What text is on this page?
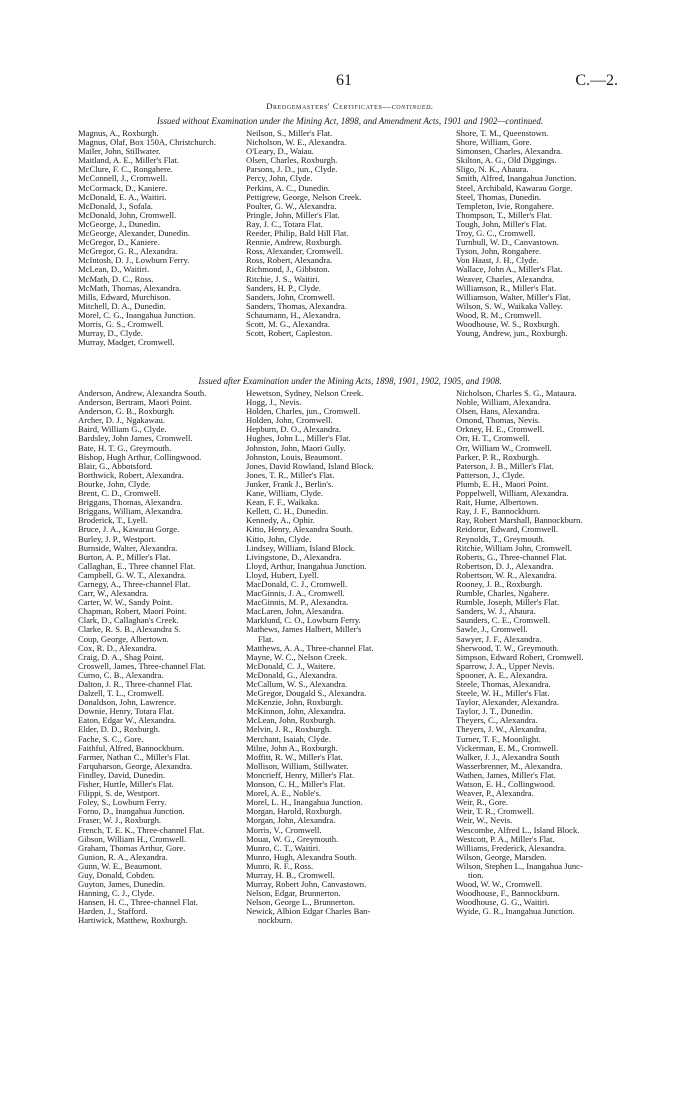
61	C.—2.
Dredgemasters' Certificates—continued.
Issued without Examination under the Mining Act, 1898, and Amendment Acts, 1901 and 1902—continued.
Magnus, A., Roxburgh.
Magnus, Olaf, Box 150A, Christchurch.
Mailer, John, Stillwater.
Maitland, A. E., Miller's Flat.
McClure, F. C., Rongahere.
McConnell, J., Cromwell.
McCormack, D., Kaniere.
McDonald, E. A., Waitiri.
McDonald, J., Sofala.
McDonald, John, Cromwell.
McGeorge, J., Dunedin.
McGeorge, Alexander, Dunedin.
McGregor, D., Kaniere.
McGregor, G. R., Alexandra.
McIntosh, D. J., Lowburn Ferry.
McLean, D., Waitiri.
McMath, D. C., Ross.
McMath, Thomas, Alexandra.
Mills, Edward, Murchison.
Mitchell, D. A., Dunedin.
Morel, C. G., Inangahua Junction.
Morris, G. S., Cromwell.
Murray, D., Clyde.
Murray, Madget, Cromwell.
Neilson, S., Miller's Flat.
Nicholson, W. E., Alexandra.
O'Leary, D., Waiau.
Olsen, Charles, Roxburgh.
Parsons, J. D., jun., Clyde.
Percy, John, Clyde.
Perkins, A. C., Dunedin.
Pettigrew, George, Nelson Creek.
Poulter, G. W., Alexandra.
Pringle, John, Miller's Flat.
Ray, J. C., Totara Flat.
Reeder, Philip, Bald Hill Flat.
Rennie, Andrew, Roxburgh.
Ross, Alexander, Cromwell.
Ross, Robert, Alexandra.
Richmond, J., Gibbston.
Ritchie, J. S., Waitiri.
Sanders, H. P., Clyde.
Sanders, John, Cromwell.
Sanders, Thomas, Alexandra.
Schaumann, H., Alexandra.
Scott, M. G., Alexandra.
Scott, Robert, Capleston.
Shore, T. M., Queenstown.
Shore, William, Gore.
Simonsen, Charles, Alexandra.
Skilton, A. G., Old Diggings.
Sligo, N. K., Ahaura.
Smith, Alfred, Inangahua Junction.
Steel, Archibald, Kawarau Gorge.
Steel, Thomas, Dunedin.
Templeton, Ivie, Rongahere.
Thompson, T., Miller's Flat.
Tough, John, Miller's Flat.
Troy, G. C., Cromwell.
Turnbull, W. D., Canvastown.
Tyson, John, Rongahere.
Von Haast, J. H., Clyde.
Wallace, John A., Miller's Flat.
Weaver, Charles, Alexandra.
Williamson, R., Miller's Flat.
Williamson, Walter, Miller's Flat.
Wilson, S. W., Waikaka Valley.
Wood, R. M., Cromwell.
Woodhouse, W. S., Roxburgh.
Young, Andrew, jun., Roxburgh.
Issued after Examination under the Mining Acts, 1898, 1901, 1902, 1905, and 1908.
Anderson, Andrew, Alexandra South.
Anderson, Bertram, Maori Point.
Anderson, G. B., Roxburgh.
Archer, D. J., Ngakawau.
Baird, William G., Clyde.
Bardsley, John James, Cromwell.
Bate, H. T. G., Greymouth.
Bishop, Hugh Arthur, Collingwood.
Blair, G., Abbotsford.
Borthwick, Robert, Alexandra.
Bourke, John, Clyde.
Brent, C. D., Cromwell.
Briggans, Thomas, Alexandra.
Briggans, William, Alexandra.
Broderick, T., Lyell.
Bruce, J. A., Kawarau Gorge.
Burley, J. P., Westport.
Burnside, Walter, Alexandra.
Burton, A. P., Miller's Flat.
Callaghan, E., Three channel Flat.
Campbell, G. W. T., Alexandra.
Carnegy, A., Three-channel Flat.
Carr, W., Alexandra.
Carter, W. W., Sandy Point.
Chapman, Robert, Maori Point.
Clark, D., Callaghan's Creek.
Clarke, R. S. B., Alexandra S.
Coup, George, Albertown.
Cox, R. D., Alexandra.
Craig, D. A., Shag Point.
Croswell, James, Three-channel Flat.
Curno, C. B., Alexandra.
Dalton, J. R., Three-channel Flat.
Dalzell, T. L., Cromwell.
Donaldson, John, Lawrence.
Downie, Henry, Totara Flat.
Eaton, Edgar W., Alexandra.
Elder, D. D., Roxburgh.
Fache, S. C., Gore.
Faithful, Alfred, Bannockburn.
Farmer, Nathan C., Miller's Flat.
Farquharson, George, Alexandra.
Findley, David, Dunedin.
Fisher, Hurtle, Miller's Flat.
Filippi, S. de, Westport.
Foley, S., Lowburn Ferry.
Forno, D., Inangahua Junction.
Fraser, W. J., Roxburgh.
French, T. E. K., Three-channel Flat.
Gibson, William H., Cromwell.
Graham, Thomas Arthur, Gore.
Gunion, R. A., Alexandra.
Gunn, W. E., Beaumont.
Guy, Donald, Cobden.
Guyton, James, Dunedin.
Hanning, C. J., Clyde.
Hansen, H. C., Three-channel Flat.
Harden, J., Stafford.
Hartiwick, Matthew, Roxburgh.
Hewetson, Sydney, Nelson Creek.
Hogg, J., Nevis.
Holden, Charles, jun., Cromwell.
Holden, John, Cromwell.
Hepburn, D. O., Alexandra.
Hughes, John L., Miller's Flat.
Johnston, John, Maori Gully.
Johnston, Louis, Beaumont.
Jones, David Rowland, Island Block.
Jones, T. R., Miller's Flat.
Junker, Frank J., Berlin's.
Kane, William, Clyde.
Kean, F. F., Waikaka.
Kellett, C. H., Dunedin.
Kennedy, A., Ophir.
Kitto, Henry, Alexandra South.
Kitto, John, Clyde.
Lindsey, William, Island Block.
Livingstone, D., Alexandra.
Lloyd, Arthur, Inangahua Junction.
Lloyd, Hubert, Lyell.
MacDonald, C. J., Cromwell.
MacGinnis, J. A., Cromwell.
MacGinnis, M. P., Alexandra.
MacLaren, John, Alexandra.
Marklund, C. O., Lowburn Ferry.
Mathews, James Halbert, Miller's
Flat.
Matthews, A. A., Three-channel Flat.
Mayne, W. C., Nelson Creek.
McDonald, C. J., Waitere.
McDonald, G., Alexandra.
McCallum, W. S., Alexandra.
McGregor, Dougald S., Alexandra.
McKenzie, John, Roxburgh.
McKinnon, John, Alexandra.
McLean, John, Roxburgh.
Melvin, J. R., Roxburgh.
Merchant, Isaiah, Clyde.
Milne, John A., Roxburgh.
Moffitt, R. W., Miller's Flat.
Mollison, William, Stillwater.
Moncrieff, Henry, Miller's Flat.
Monson, C. H., Miller's Flat.
Morel, A. E., Noble's.
Morel, L. H., Inangahua Junction.
Morgan, Harold, Roxburgh.
Morgan, John, Alexandra.
Morris, V., Cromwell.
Mouat, W. G., Greymouth.
Munro, C. T., Waitiri.
Munro, Hugh, Alexandra South.
Munro, R. F., Ross.
Murray, H. B., Cromwell.
Murray, Robert John, Canvastown.
Nelson, Edgar, Brunnerton.
Nelson, George L., Brunnerton.
Newick, Albion Edgar Charles Ban-
nockburn.
Nicholson, Charles S. G., Mataura.
Noble, William, Alexandra.
Olsen, Hans, Alexandra.
Omond, Thomas, Nevis.
Orkney, H. E., Cromwell.
Orr, H. T., Cromwell.
Orr, William W., Cromwell.
Parker, P. R., Roxburgh.
Paterson, J. B., Miller's Flat.
Patterson, J., Clyde.
Plumb, E. H., Maori Point.
Poppelwell, William, Alexandra.
Rait, Hume, Albertown.
Ray, J. F., Bannockburn.
Ray, Robert Marshall, Bannockburn.
Reidoror, Edward, Cromwell.
Reynolds, T., Greymouth.
Ritchie, William John, Cromwell.
Roberts, G., Three-channel Flat.
Robertson, D. J., Alexandra.
Robertson, W. R., Alexandra.
Rooney, J. B., Roxburgh.
Rumble, Charles, Ngahere.
Rumble, Joseph, Miller's Flat.
Sanders, W. J., Ahaura.
Saunders, C. E., Cromwell.
Sawle, J., Cromwell.
Sawyer, J. F., Alexandra.
Sherwood, T. W., Greymouth.
Simpson, Edward Robert, Cromwell.
Sparrow, J. A., Upper Nevis.
Spooner, A. E., Alexandra.
Steele, Thomas, Alexandra.
Steele, W. H., Miller's Flat.
Taylor, Alexander, Alexandra.
Taylor, J. T., Dunedin.
Theyers, C., Alexandra.
Theyers, J. W., Alexandra.
Turner, T. F., Moonlight.
Vickerman, E. M., Cromwell.
Walker, J. J., Alexandra South
Wasserbrenner, M., Alexandra.
Wathen, James, Miller's Flat.
Watson, E. H., Collingwood.
Weaver, P., Alexandra.
Weir, R., Gore.
Weir, T. R., Cromwell.
Weir, W., Nevis.
Wescombe, Alfred L., Island Block.
Westcott, P. A., Miller's Flat.
Williams, Frederick, Alexandra.
Wilson, George, Marsden.
Wilson, Stephen L., Inangahua Junc-
tion.
Wood, W. W., Cromwell.
Woodhouse, F., Bannockburn.
Woodhouse, G. G., Waitiri.
Wyide, G. R., Inangahua Junction.
